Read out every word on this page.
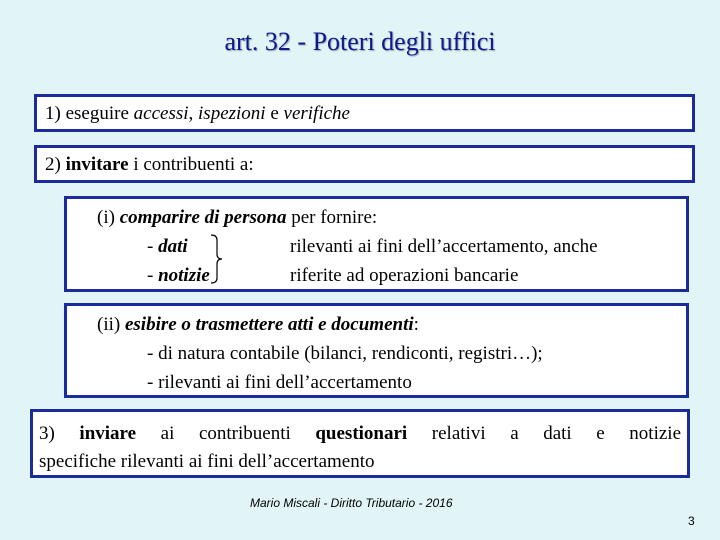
art. 32 - Poteri degli uffici
1) eseguire accessi, ispezioni e verifiche
2) invitare i contribuenti a:
(i) comparire di persona per fornire:
- dati	rilevanti ai fini dell’accertamento, anche
- notizie	riferite ad operazioni bancarie
(ii) esibire o trasmettere atti e documenti:
- di natura contabile (bilanci, rendiconti, registri…);
- rilevanti ai fini dell’accertamento

3) inviare ai contribuenti questionari relativi a dati e notizie

specifiche rilevanti ai fini dell’accertamento

Mario Miscali - Diritto Tributario - 2016
3
